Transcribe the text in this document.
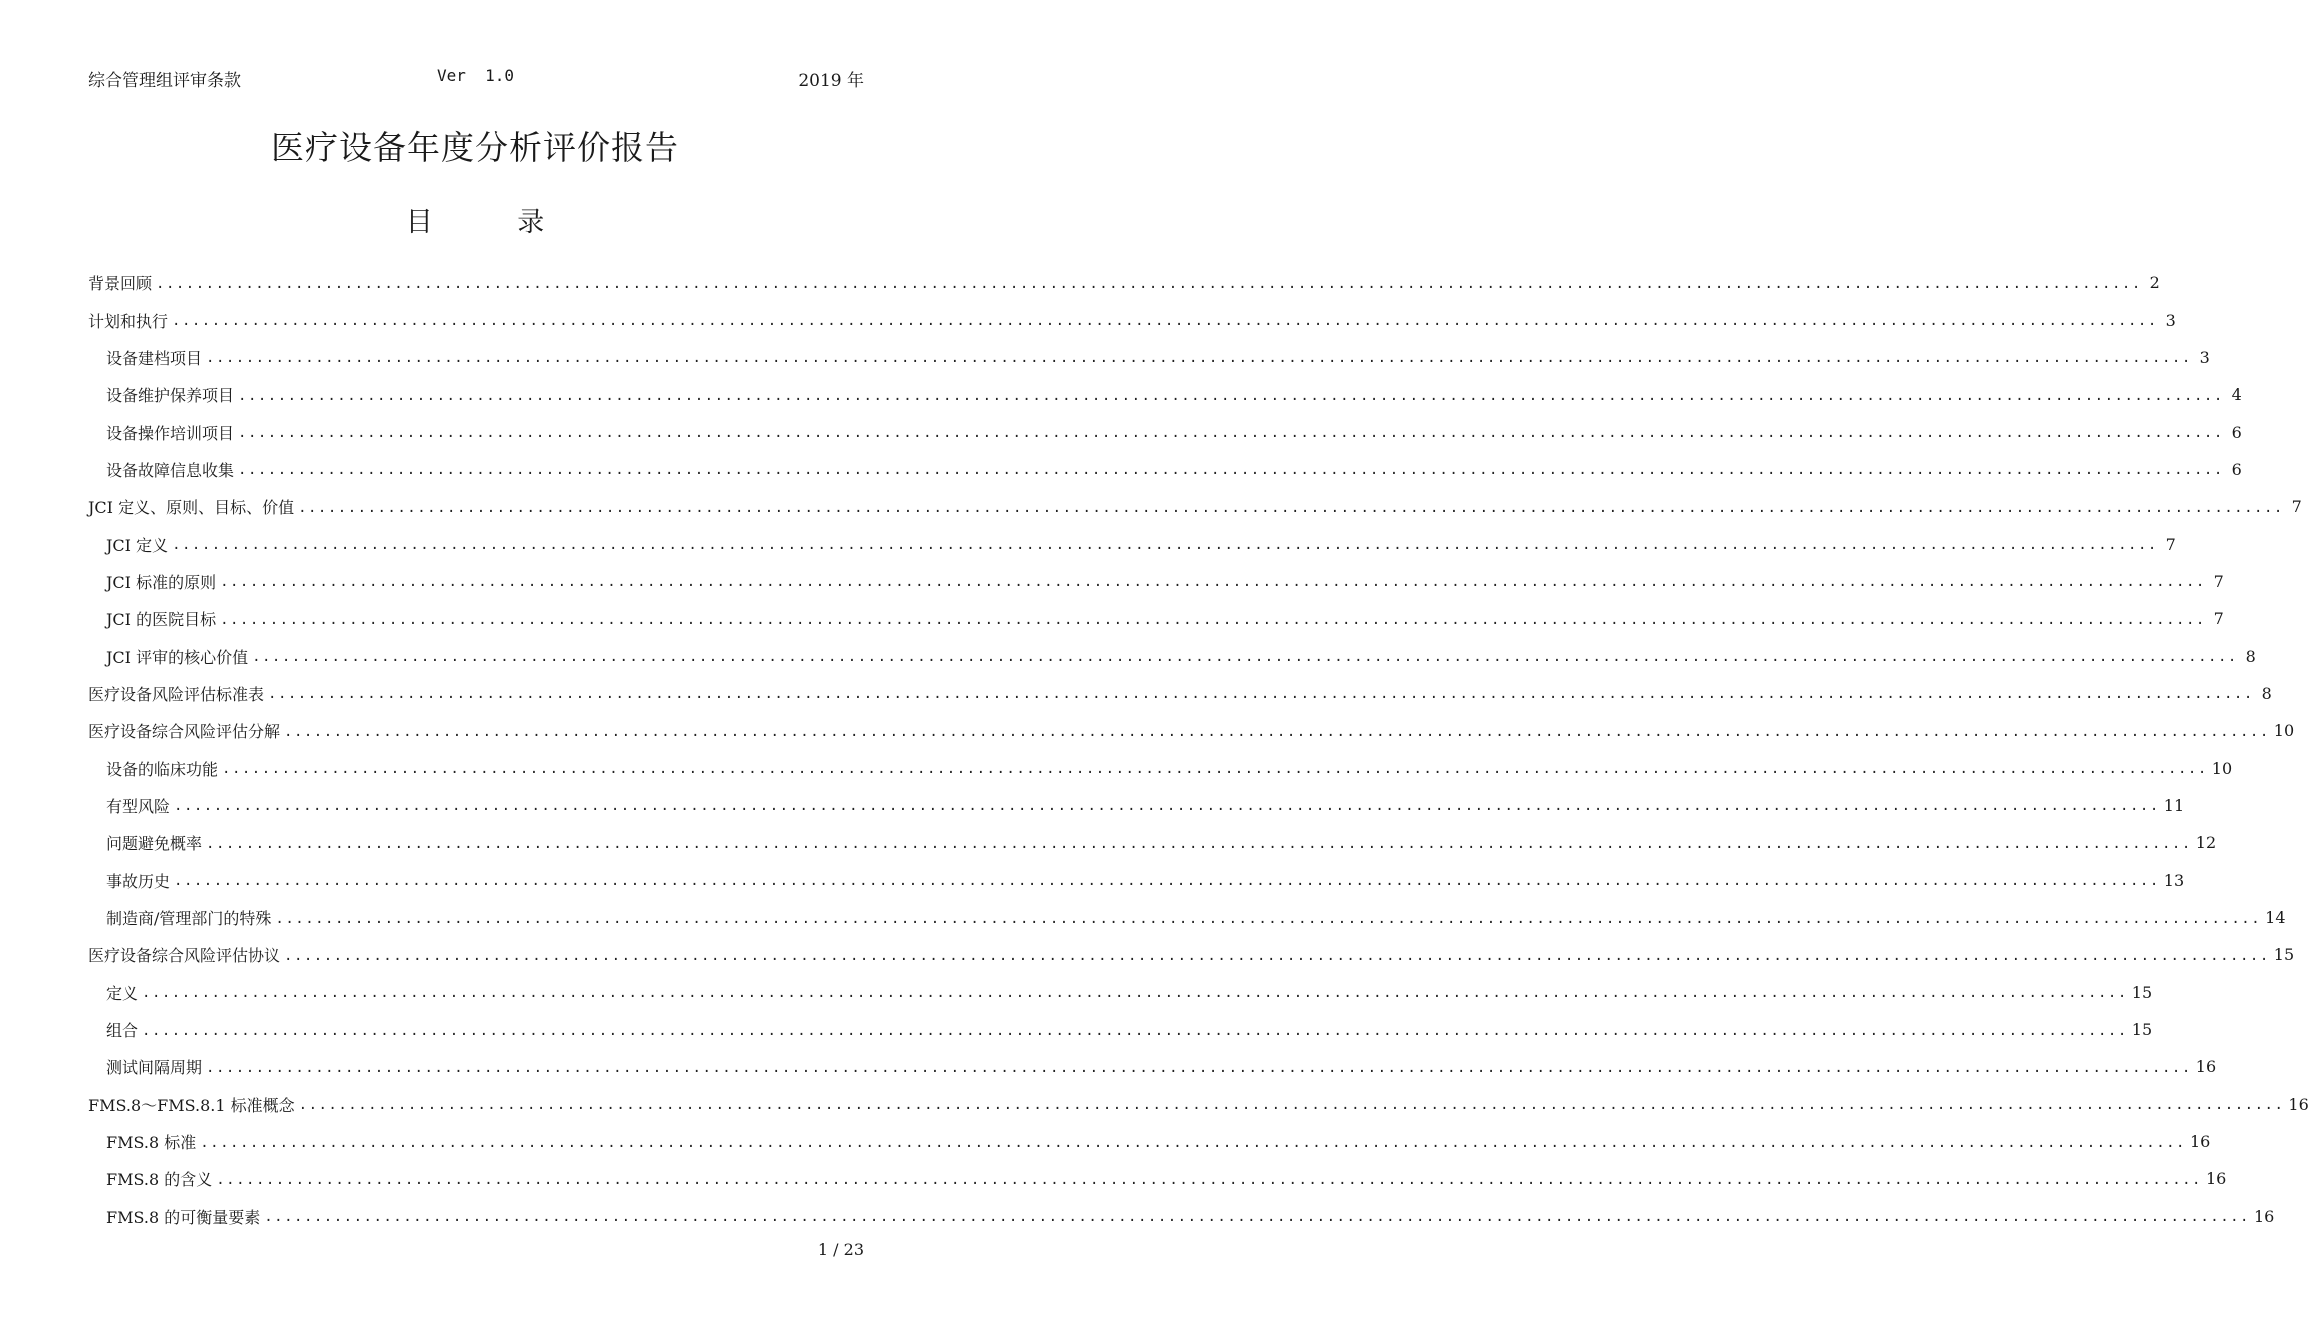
综合管理组评审条款	Ver  1.0	2019 年
医疗设备年度分析评价报告
目 录
背景回顾 ........................................................................................................................................................................................................ 2
计划和执行 ........................................................................................................................................................................................................ 3
设备建档项目 ........................................................................................................................................................................................................ 3
设备维护保养项目 ........................................................................................................................................................................................................ 4
设备操作培训项目 ........................................................................................................................................................................................................ 6
设备故障信息收集 ........................................................................................................................................................................................................ 6
JCI 定义、原则、目标、价值 ........................................................................................................................................................................................................ 7
JCI 定义 ........................................................................................................................................................................................................ 7
JCI 标准的原则 ........................................................................................................................................................................................................ 7
JCI 的医院目标 ........................................................................................................................................................................................................ 7
JCI 评审的核心价值 ........................................................................................................................................................................................................ 8
医疗设备风险评估标准表 ........................................................................................................................................................................................................ 8
医疗设备综合风险评估分解 ........................................................................................................................................................................................................ 10
设备的临床功能 ........................................................................................................................................................................................................ 10
有型风险 ........................................................................................................................................................................................................ 11
问题避免概率 ........................................................................................................................................................................................................ 12
事故历史 ........................................................................................................................................................................................................ 13
制造商/管理部门的特殊 ........................................................................................................................................................................................................ 14
医疗设备综合风险评估协议 ........................................................................................................................................................................................................ 15
定义 ........................................................................................................................................................................................................ 15
组合 ........................................................................................................................................................................................................ 15
测试间隔周期 ........................................................................................................................................................................................................ 16
FMS.8～FMS.8.1 标准概念 ........................................................................................................................................................................................................ 16
FMS.8 标准 ........................................................................................................................................................................................................ 16
FMS.8 的含义 ........................................................................................................................................................................................................ 16
FMS.8 的可衡量要素 ........................................................................................................................................................................................................ 16
1 / 23
